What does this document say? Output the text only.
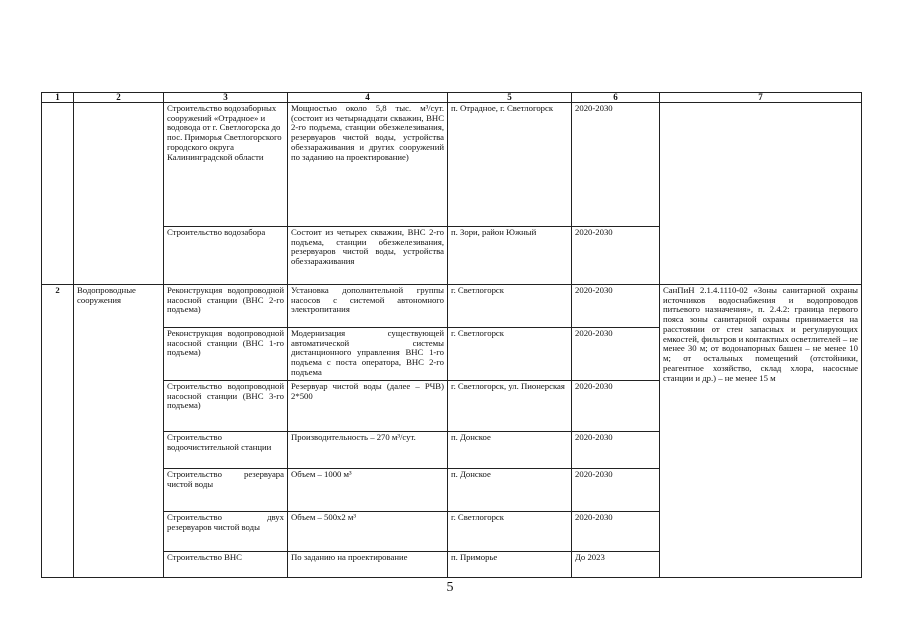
1	2	3	4	5	6	7
		Строительство водозаборных сооружений «Отрадное» и водовода от г. Светлогорска до пос. Приморья Светлогорского городского округа Калининградской области	Мощностью около 5,8 тыс. м³/сут. (состоит из четырнадцати скважин, ВНС 2-го подъема, станции обезжелезивания, резервуаров чистой воды, устройства обеззараживания и других сооружений по заданию на проектирование)	п. Отрадное, г. Светлогорск	2020-2030	
		Строительство водозабора	Состоит из четырех скважин, ВНС 2-го подъема, станции обезжелезивания, резервуаров чистой воды, устройства обеззараживания	п. Зори, район Южный	2020-2030	
2	Водопроводные сооружения	Реконструкция водопроводной насосной станции (ВНС 2-го подъема)	Установка дополнительной группы насосов с системой автономного электропитания	г. Светлогорск	2020-2030	СанПиН 2.1.4.1110-02 «Зоны санитарной охраны источников водоснабжения и водопроводов питьевого назначения», п. 2.4.2: граница первого пояса зоны санитарной охраны принимается на расстоянии от стен запасных и регулирующих емкостей, фильтров и контактных осветлителей – не менее 30 м; от водонапорных башен – не менее 10 м; от остальных помещений (отстойники, реагентное хозяйство, склад хлора, насосные станции и др.) – не менее 15 м
		Реконструкция водопроводной насосной станции (ВНС 1-го подъема)	Модернизация существующей автоматической системы дистанционного управления ВНС 1-го подъема с поста оператора, ВНС 2-го подъема	г. Светлогорск	2020-2030	
		Строительство водопроводной насосной станции (ВНС 3-го подъема)	Резервуар чистой воды (далее – РЧВ) 2*500	г. Светлогорск, ул. Пионерская	2020-2030	
		Строительство водоочистительной станции	Производительность – 270 м³/сут.	п. Донское	2020-2030	
		Строительство резервуара чистой воды	Объем – 1000 м³	п. Донское	2020-2030	
		Строительство двух резервуаров чистой воды	Объем – 500х2 м³	г. Светлогорск	2020-2030	
		Строительство ВНС	По заданию на проектирование	п. Приморье	До 2023	
5
